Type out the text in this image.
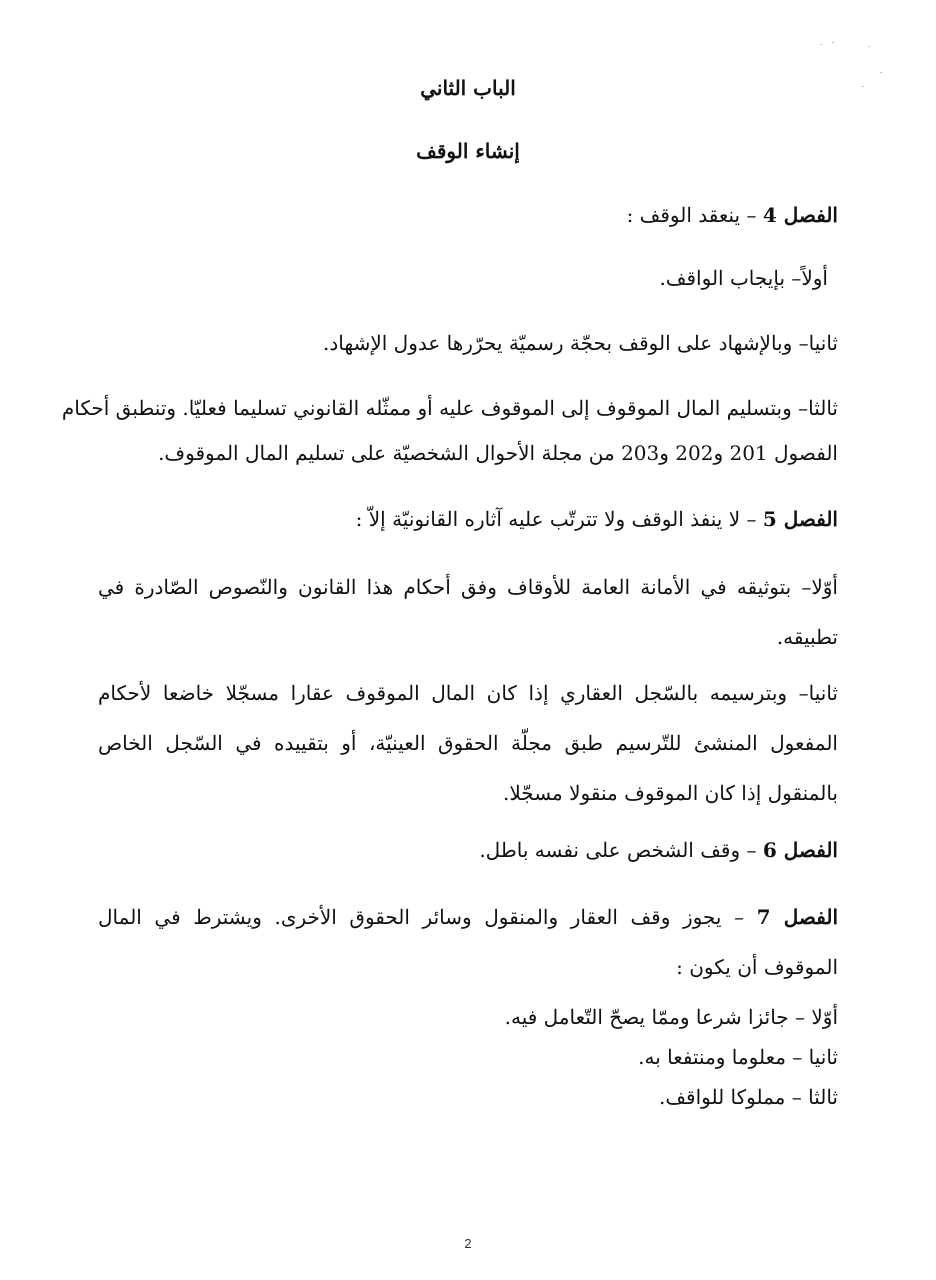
الباب الثاني
إنشاء الوقف
الفصل 4 – ينعقد الوقف :
أولاً– بإيجاب الواقف.
ثانيا– وبالإشهاد على الوقف بحجّة رسميّة يحرّرها عدول الإشهاد.
ثالثا– وبتسليم المال الموقوف إلى الموقوف عليه أو ممثّله القانوني تسليما فعليّا. وتنطبق أحكام
الفصول 201 و202 و203 من مجلة الأحوال الشخصيّة على تسليم المال الموقوف.
الفصل 5 – لا ينفذ الوقف ولا تترتّب عليه آثاره القانونيّة إلاّ :
أوّلا– بتوثيقه في الأمانة العامة للأوقاف وفق أحكام هذا القانون والنّصوص الصّادرة في تطبيقه.
ثانيا– وبترسيمه بالسّجل العقاري إذا كان المال الموقوف عقارا مسجّلا خاضعا لأحكام المفعول المنشئ للتّرسيم طبق مجلّة الحقوق العينيّة، أو بتقييده في السّجل الخاص بالمنقول إذا كان الموقوف منقولا مسجّلا.
الفصل 6 – وقف الشخص على نفسه باطل.
الفصل 7 – يجوز وقف العقار والمنقول وسائر الحقوق الأخرى. ويشترط في المال الموقوف أن يكون :
أوّلا – جائزا شرعا وممّا يصحّ التّعامل فيه.
ثانيا – معلوما ومنتفعا به.
ثالثا – مملوكا للواقف.
2
